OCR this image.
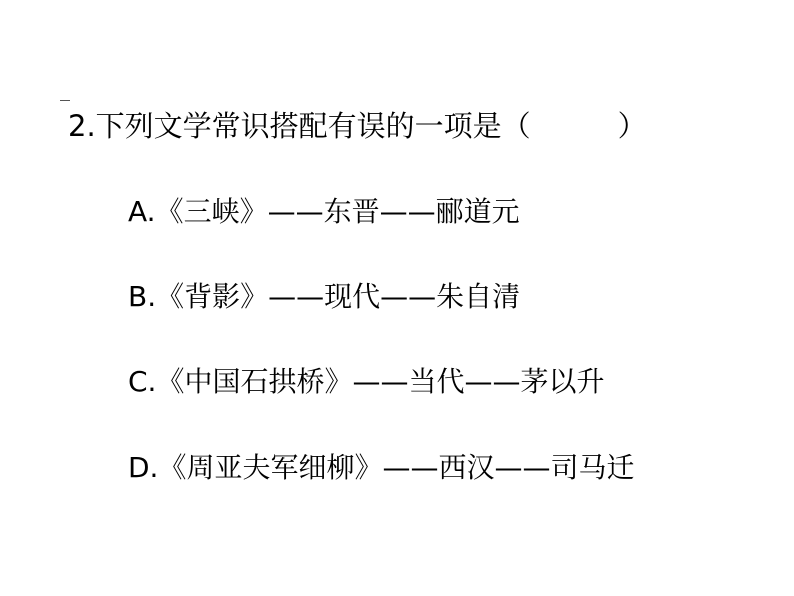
2.下列文学常识搭配有误的一项是（　　　）
A.《三峡》——东晋——郦道元
B.《背影》——现代——朱自清
C.《中国石拱桥》——当代——茅以升
D.《周亚夫军细柳》——西汉——司马迁
